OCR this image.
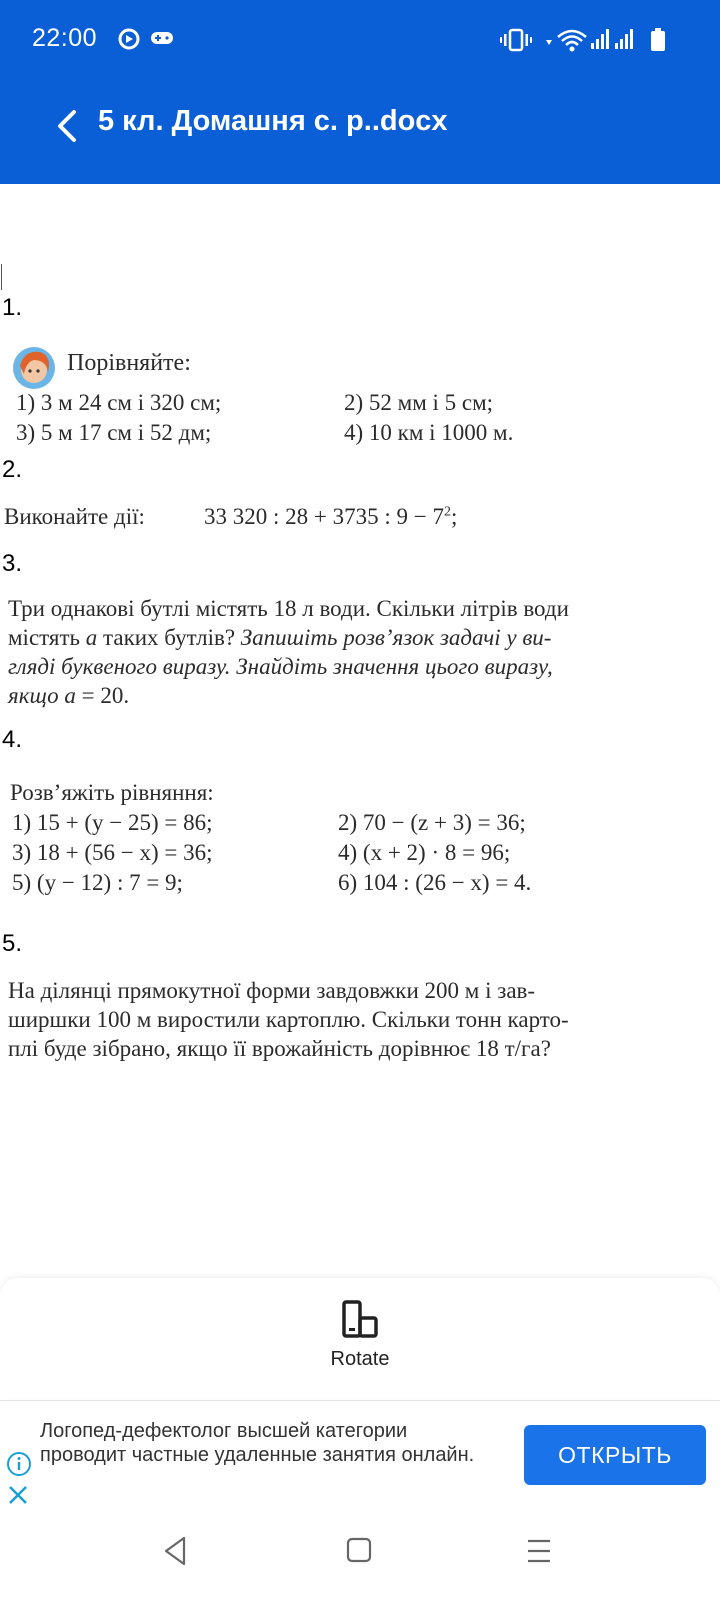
22:00
5 кл. Домашня с. р..docx
1.
Порівняйте:
1) 3 м 24 см і 320 см;	2) 52 мм і 5 см;
3) 5 м 17 см і 52 дм;	4) 10 км і 1000 м.
2.
Виконайте дії:	33 320 : 28 + 3735 : $9 - 7^2$;
3.
Три однакові бутлі містять 18 л води. Скільки літрів води
містять a таких бутлів? Запишіть розв’язок задачі у ви-
гляді буквеного виразу. Знайдіть значення цього виразу,
якщо a = 20.
4.
Розв’яжіть рівняння:
1) 15 + (y − 25) = 86;	2) 70 − (z + 3) = 36;
3) 18 + (56 − x) = 36;	4) (x + 2) · 8 = 96;
5) (y − 12) : 7 = 9;	6) 104 : (26 − x) = 4.
5.
На ділянці прямокутної форми завдовжки 200 м і зав-
ширшки 100 м виростили картоплю. Скільки тонн карто-
плі буде зібрано, якщо її врожайність дорівнює 18 т/га?
Rotate
Логопед-дефектолог высшей категории проводит частные удаленные занятия онлайн.	ОТКРЫТЬ
